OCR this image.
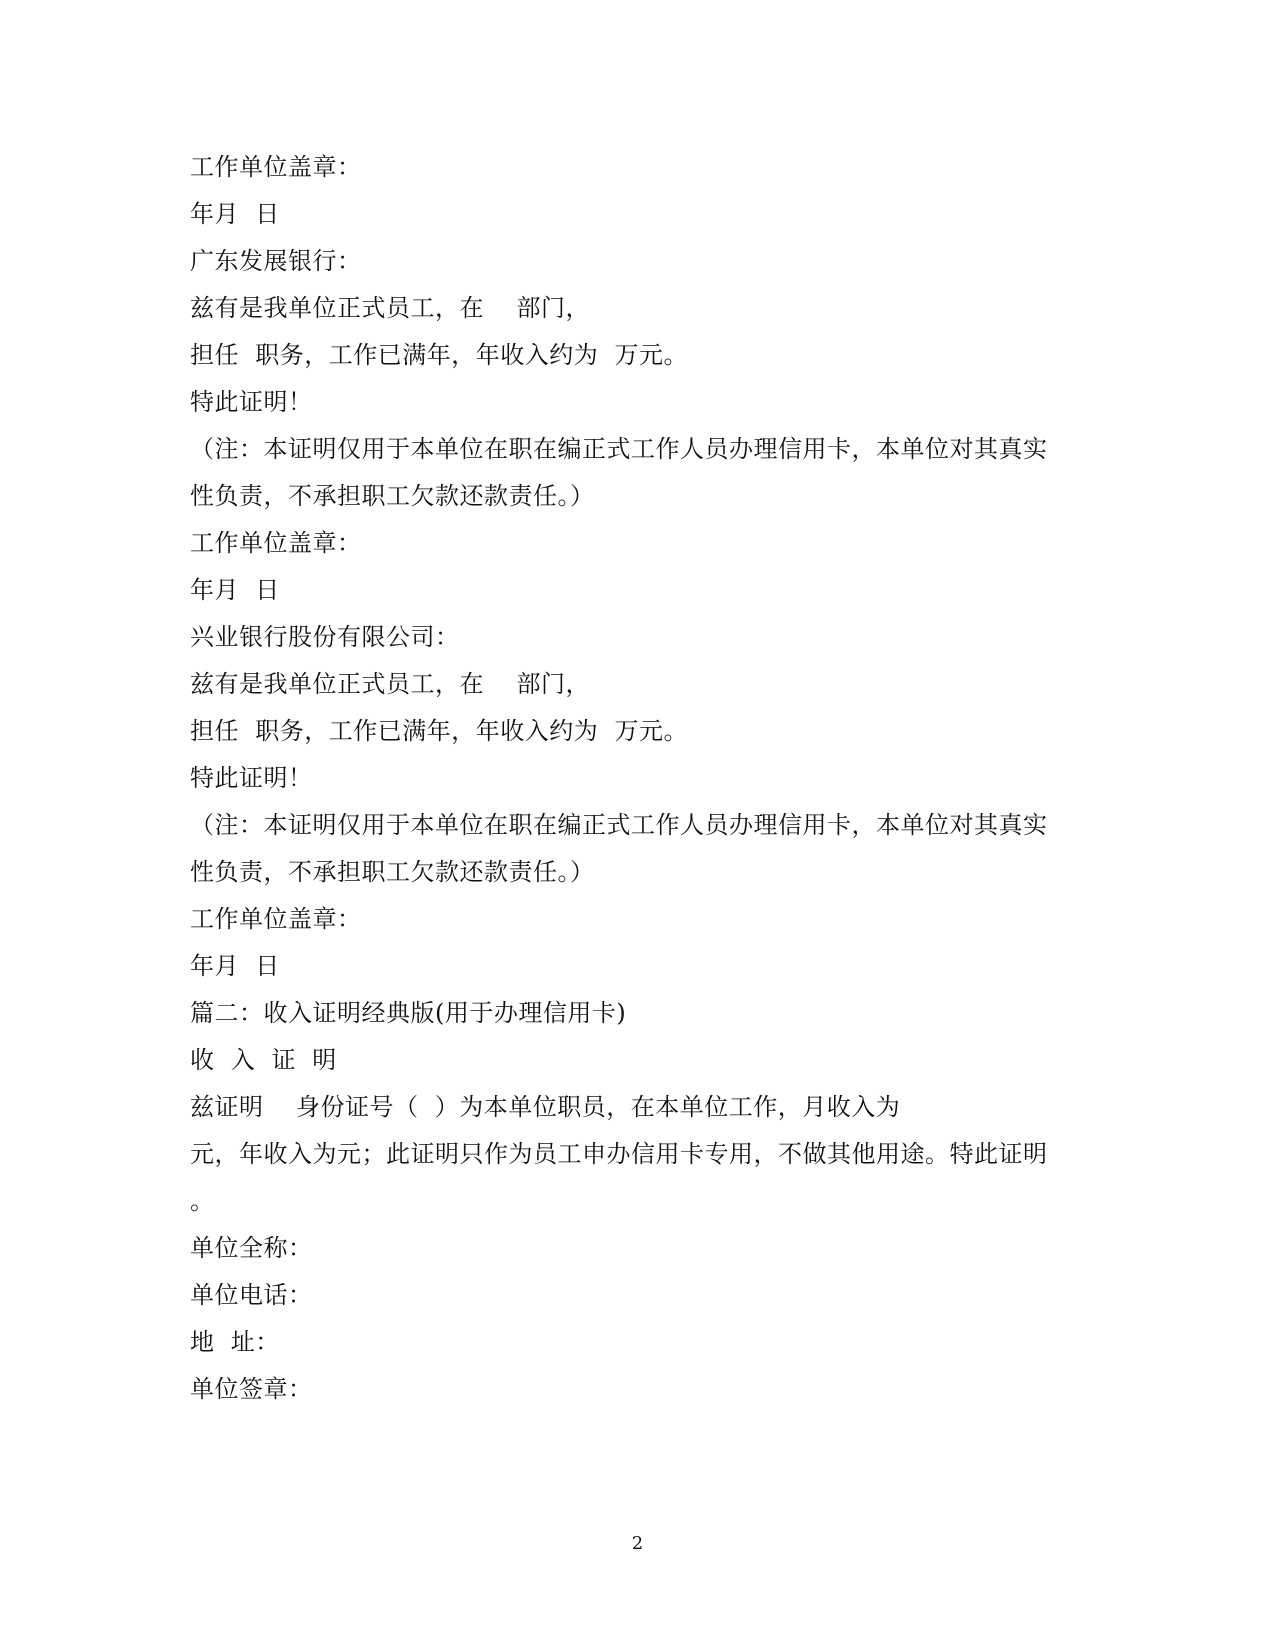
工作单位盖章：
年月  日
广东发展银行：
兹有是我单位正式员工，在    部门，
担任  职务，工作已满年，年收入约为  万元。
特此证明！
（注：本证明仅用于本单位在职在编正式工作人员办理信用卡，本单位对其真实
性负责，不承担职工欠款还款责任。）
工作单位盖章：
年月  日
兴业银行股份有限公司：
兹有是我单位正式员工，在    部门，
担任  职务，工作已满年，年收入约为  万元。
特此证明！
（注：本证明仅用于本单位在职在编正式工作人员办理信用卡，本单位对其真实
性负责，不承担职工欠款还款责任。）
工作单位盖章：
年月  日
篇二：收入证明经典版(用于办理信用卡)
收  入  证  明
兹证明    身份证号（  ）为本单位职员，在本单位工作，月收入为
元，年收入为元；此证明只作为员工申办信用卡专用，不做其他用途。特此证明
。
单位全称：
单位电话：
地  址：
单位签章：
2
